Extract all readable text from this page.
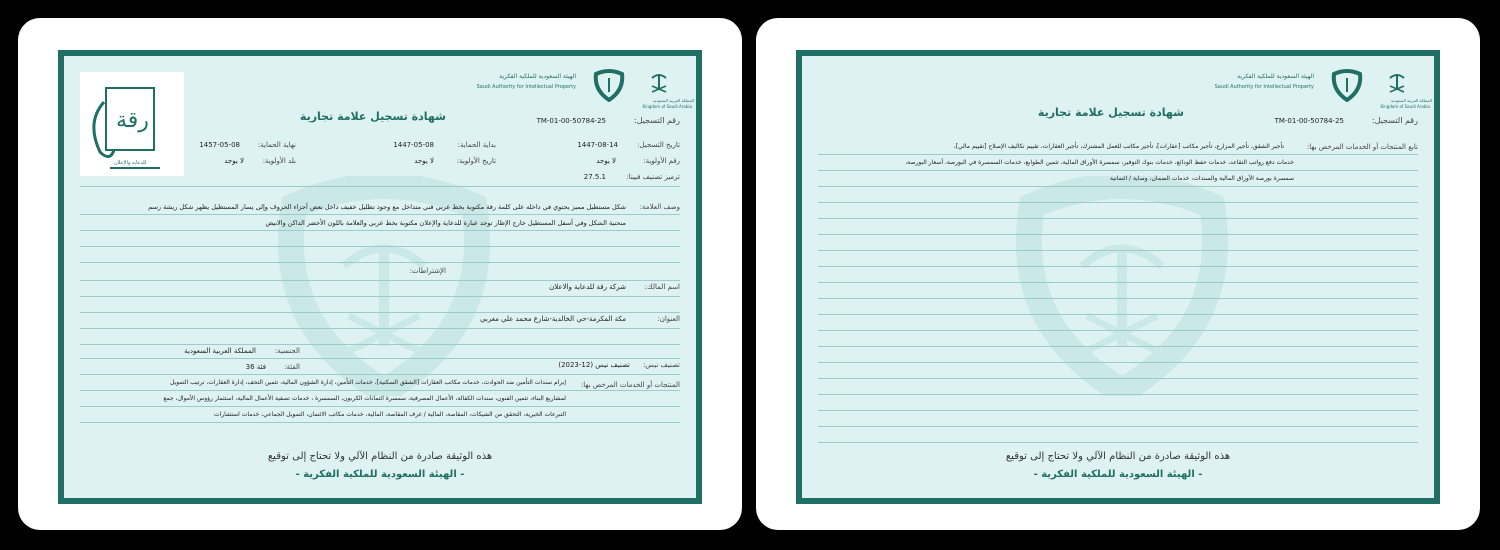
رقة
للدعاية والإعلان
الهيئة السعودية للملكية الفكرية
Saudi Authority for Intellectual Property
المملكة العربية السعودية
Kingdom of Saudi Arabia
شهادة تسجيل علامة تجارية	رقم التسجيل:
TM-01-00-50784-25
تاريخ التسجيل:
1447-08-14
بداية الحماية:
1447-05-08
نهاية الحماية:
1457-05-08
رقم الأولوية:
لا يوجد
تاريخ الأولوية:
لا يوجد
بلد الأولوية:
لا يوجد
ترميز تصنيف فيينا:
27.5.1
وصف العلامة:
شكل مستطيل مميز يحتوي في داخله على كلمة رقة مكتوبة بخط عربي فني متداخل مع وجود تظليل خفيف داخل بعض أجزاء الحروف وإلى يسار المستطيل يظهر شكل ريشة رسم
منحنية الشكل وفي أسفل المستطيل خارج الإطار توجد عبارة للدعاية والإعلان مكتوبة بخط عربي والعلامة باللون الأخضر الداكن والابيض
الإشتراطات:
اسم المالك:
شركة رقة للدعاية والاعلان
العنوان:
مكة المكرمة-حي الخالدية-شارع محمد علي مغربي
الجنسية:
المملكة العربية السعودية
تصنيف نيس:
تصنيف نيس (12-2023)
الفئة:
فئة 36
المنتجات أو الخدمات المرخص بها:
إبرام سندات التأمين ضد الحوادث، خدمات مكاتب العقارات [الشقق السكنية]، خدمات التأمين، إدارة الشؤون المالية، تثمين التحف، إدارة العقارات، ترتيب التمويل
لمشاريع البناء، تثمين الفنون، سندات الكفالة، الأعمال المصرفية، سمسرة ائتمانات الكربون، السمسرة ، خدمات تصفية الأعمال المالية، استثمار رؤوس الأموال، جمع
التبرعات الخيرية، التحقق من الشيكات، المقاصة، المالية / غرف المقاصة، المالية، خدمات مكاتب الائتمان، التمويل الجماعي، خدمات استشارات
هذه الوثيقة صادرة من النظام الآلي ولا تحتاج إلى توقيع
- الهيئة السعودية للملكية الفكرية -
الهيئة السعودية للملكية الفكرية
Saudi Authority for Intellectual Property
المملكة العربية السعودية
Kingdom of Saudi Arabia
شهادة تسجيل علامة تجارية
رقم التسجيل:
TM-01-00-50784-25
تابع المنتجات أو الخدمات المرخص بها:
تأجير الشقق، تأجير المزارع، تأجير مكاتب [عقارات]، تأجير مكاتب للعمل المشترك، تأجير العقارات، تقييم تكاليف الإصلاح [تقييم مالي]،
خدمات دفع رواتب التقاعد، خدمات حفظ الودائع، خدمات بنوك التوفير، سمسرة الأوراق المالية، تثمين الطوابع، خدمات السمسرة في البورصة، أسعار البورصة،
سمسرة بورصة الأوراق المالية والسندات، خدمات الضمان، وصاية / ائتمانية
هذه الوثيقة صادرة من النظام الآلي ولا تحتاج إلى توقيع
- الهيئة السعودية للملكية الفكرية -
